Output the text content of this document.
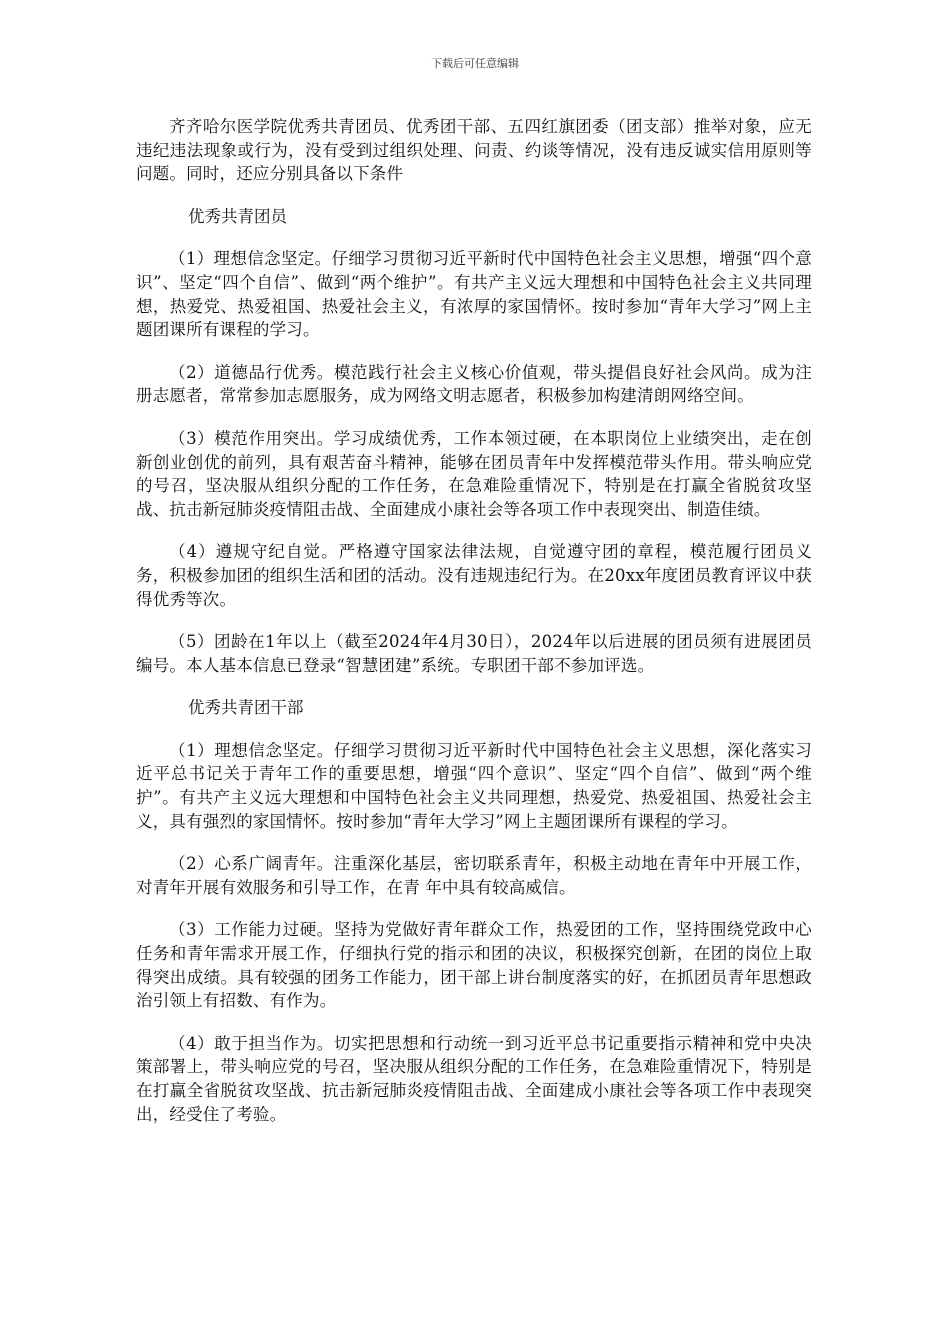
下载后可任意编辑

齐齐哈尔医学院优秀共青团员、优秀团干部、五四红旗团委（团支部）推举对象，应无违纪违法现象或行为，没有受到过组织处理、问责、约谈等情况，没有违反诚实信用原则等问题。同时，还应分别具备以下条件

优秀共青团员

（1）理想信念坚定。仔细学习贯彻习近平新时代中国特色社会主义思想，增强“四个意识”、坚定“四个自信”、做到“两个维护”。有共产主义远大理想和中国特色社会主义共同理想，热爱党、热爱祖国、热爱社会主义，有浓厚的家国情怀。按时参加“青年大学习”网上主题团课所有课程的学习。

（2）道德品行优秀。模范践行社会主义核心价值观，带头提倡良好社会风尚。成为注册志愿者，常常参加志愿服务，成为网络文明志愿者，积极参加构建清朗网络空间。

（3）模范作用突出。学习成绩优秀，工作本领过硬，在本职岗位上业绩突出，走在创新创业创优的前列，具有艰苦奋斗精神，能够在团员青年中发挥模范带头作用。带头响应党的号召，坚决服从组织分配的工作任务，在急难险重情况下，特别是在打赢全省脱贫攻坚战、抗击新冠肺炎疫情阻击战、全面建成小康社会等各项工作中表现突出、制造佳绩。

（4）遵规守纪自觉。严格遵守国家法律法规，自觉遵守团的章程，模范履行团员义务，积极参加团的组织生活和团的活动。没有违规违纪行为。在20xx年度团员教育评议中获得优秀等次。

（5）团龄在1年以上（截至2024年4月30日），2024年以后进展的团员须有进展团员编号。本人基本信息已登录“智慧团建”系统。专职团干部不参加评选。

优秀共青团干部

（1）理想信念坚定。仔细学习贯彻习近平新时代中国特色社会主义思想，深化落实习近平总书记关于青年工作的重要思想，增强“四个意识”、坚定“四个自信”、做到“两个维护”。有共产主义远大理想和中国特色社会主义共同理想，热爱党、热爱祖国、热爱社会主义，具有强烈的家国情怀。按时参加“青年大学习”网上主题团课所有课程的学习。

（2）心系广阔青年。注重深化基层，密切联系青年，积极主动地在青年中开展工作，对青年开展有效服务和引导工作，在青 年中具有较高威信。

（3）工作能力过硬。坚持为党做好青年群众工作，热爱团的工作，坚持围绕党政中心任务和青年需求开展工作，仔细执行党的指示和团的决议，积极探究创新，在团的岗位上取得突出成绩。具有较强的团务工作能力，团干部上讲台制度落实的好，在抓团员青年思想政治引领上有招数、有作为。

（4）敢于担当作为。切实把思想和行动统一到习近平总书记重要指示精神和党中央决策部署上，带头响应党的号召，坚决服从组织分配的工作任务，在急难险重情况下，特别是在打赢全省脱贫攻坚战、抗击新冠肺炎疫情阻击战、全面建成小康社会等各项工作中表现突出，经受住了考验。
